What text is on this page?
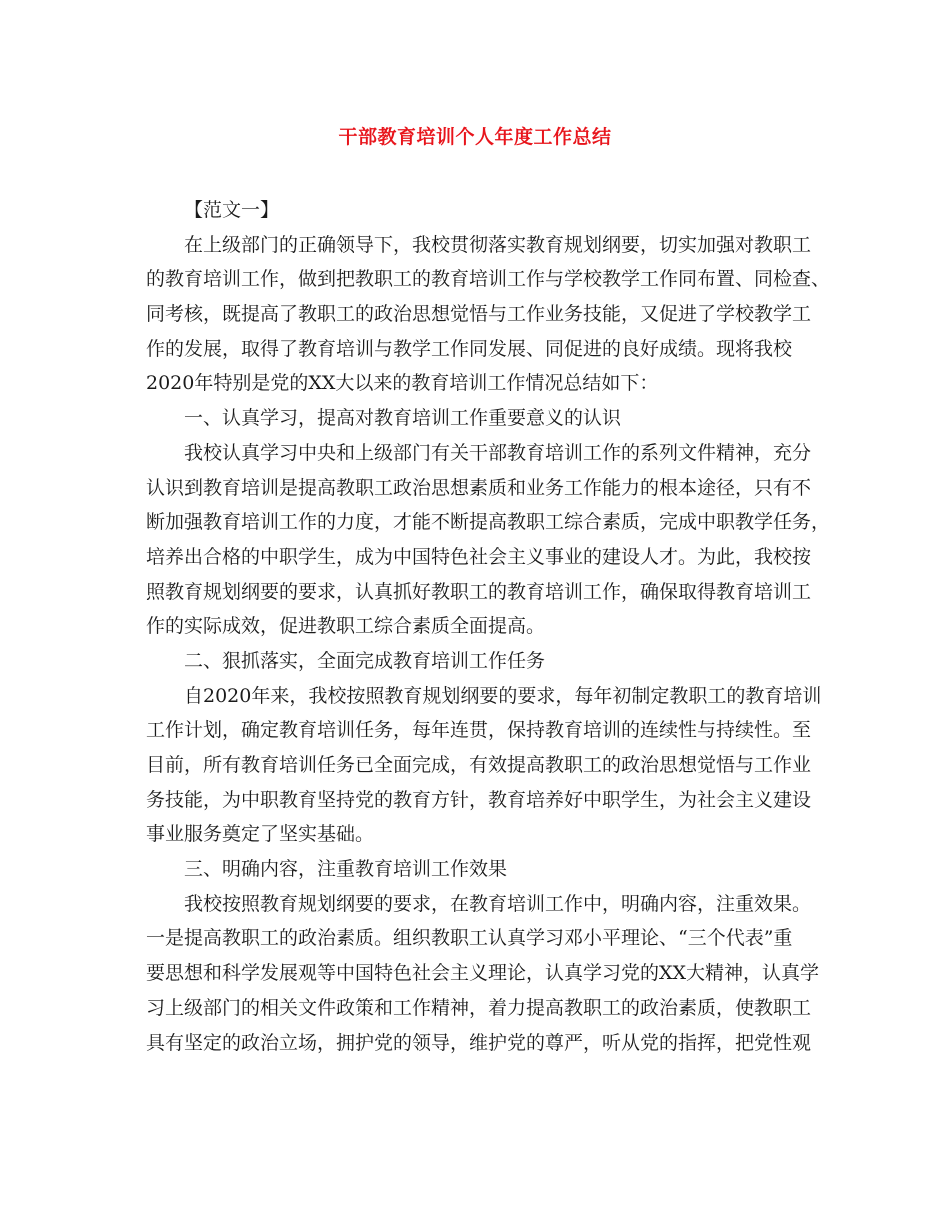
干部教育培训个人年度工作总结
【范文一】
在上级部门的正确领导下，我校贯彻落实教育规划纲要，切实加强对教职工
的教育培训工作，做到把教职工的教育培训工作与学校教学工作同布置、同检查、
同考核，既提高了教职工的政治思想觉悟与工作业务技能，又促进了学校教学工
作的发展，取得了教育培训与教学工作同发展、同促进的良好成绩。现将我校
2020年特别是党的XX大以来的教育培训工作情况总结如下：
一、认真学习，提高对教育培训工作重要意义的认识
我校认真学习中央和上级部门有关干部教育培训工作的系列文件精神，充分
认识到教育培训是提高教职工政治思想素质和业务工作能力的根本途径，只有不
断加强教育培训工作的力度，才能不断提高教职工综合素质，完成中职教学任务，
培养出合格的中职学生，成为中国特色社会主义事业的建设人才。为此，我校按
照教育规划纲要的要求，认真抓好教职工的教育培训工作，确保取得教育培训工
作的实际成效，促进教职工综合素质全面提高。
二、狠抓落实，全面完成教育培训工作任务
自2020年来，我校按照教育规划纲要的要求，每年初制定教职工的教育培训
工作计划，确定教育培训任务，每年连贯，保持教育培训的连续性与持续性。至
目前，所有教育培训任务已全面完成，有效提高教职工的政治思想觉悟与工作业
务技能，为中职教育坚持党的教育方针，教育培养好中职学生，为社会主义建设
事业服务奠定了坚实基础。
三、明确内容，注重教育培训工作效果
我校按照教育规划纲要的要求，在教育培训工作中，明确内容，注重效果。
一是提高教职工的政治素质。组织教职工认真学习邓小平理论、“三个代表”重
要思想和科学发展观等中国特色社会主义理论，认真学习党的XX大精神，认真学
习上级部门的相关文件政策和工作精神，着力提高教职工的政治素质，使教职工
具有坚定的政治立场，拥护党的领导，维护党的尊严，听从党的指挥，把党性观
